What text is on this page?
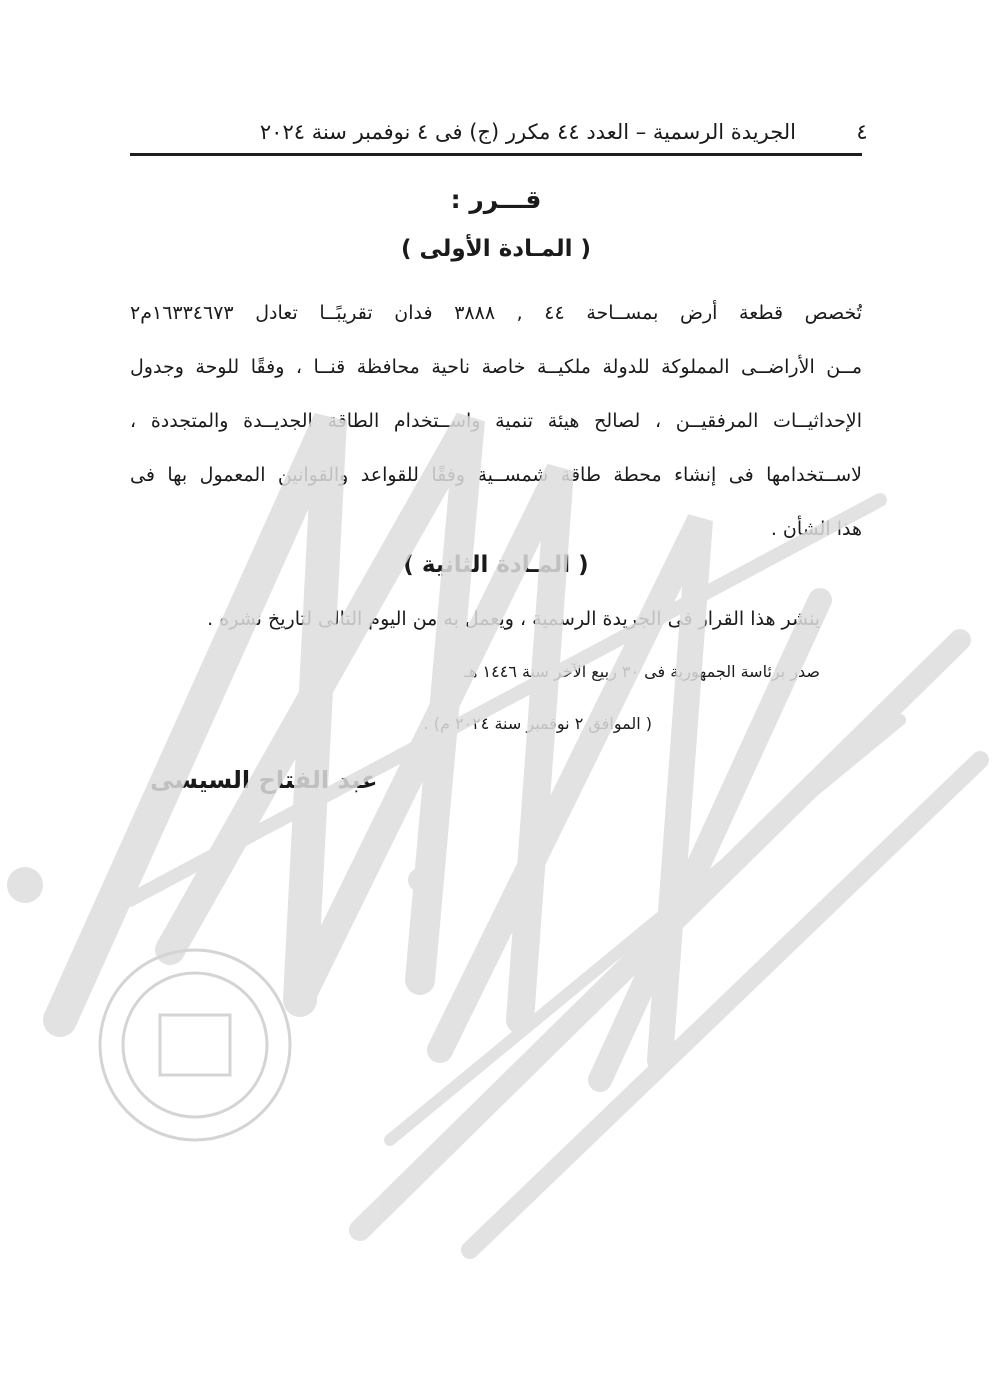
٤
الجريدة الرسمية – العدد ٤٤ مكرر (ج) فى ٤ نوفمبر سنة ٢٠٢٤
قـــرر :
( المـادة الأولى )
تُخصص قطعة أرض بمســاحة ٤٤ , ٣٨٨٨ فدان تقريبًــا تعادل ١٦٣٣٤٦٧٣م٢
مــن الأراضــى المملوكة للدولة ملكيــة خاصة ناحية محافظة قنــا ، وفقًا للوحة وجدول
الإحداثيــات المرفقيــن ، لصالح هيئة تنمية واســتخدام الطاقة الجديــدة والمتجددة ،
لاســتخدامها فى إنشاء محطة طاقة شمســية وفقًا للقواعد والقوانين المعمول بها فى
هذا الشأن .
( المـادة الثانية )
ينشر هذا القرار فى الجريدة الرسمية ، ويعمل به من اليوم التالى لتاريخ نشره .
صدر برئاسة الجمهورية فى ٣٠ ربيع الآخر سنة ١٤٤٦ هـ
( الموافق ٢ نوفمبر سنة ٢٠٢٤ م) .
عبد الفتاح السيسى
